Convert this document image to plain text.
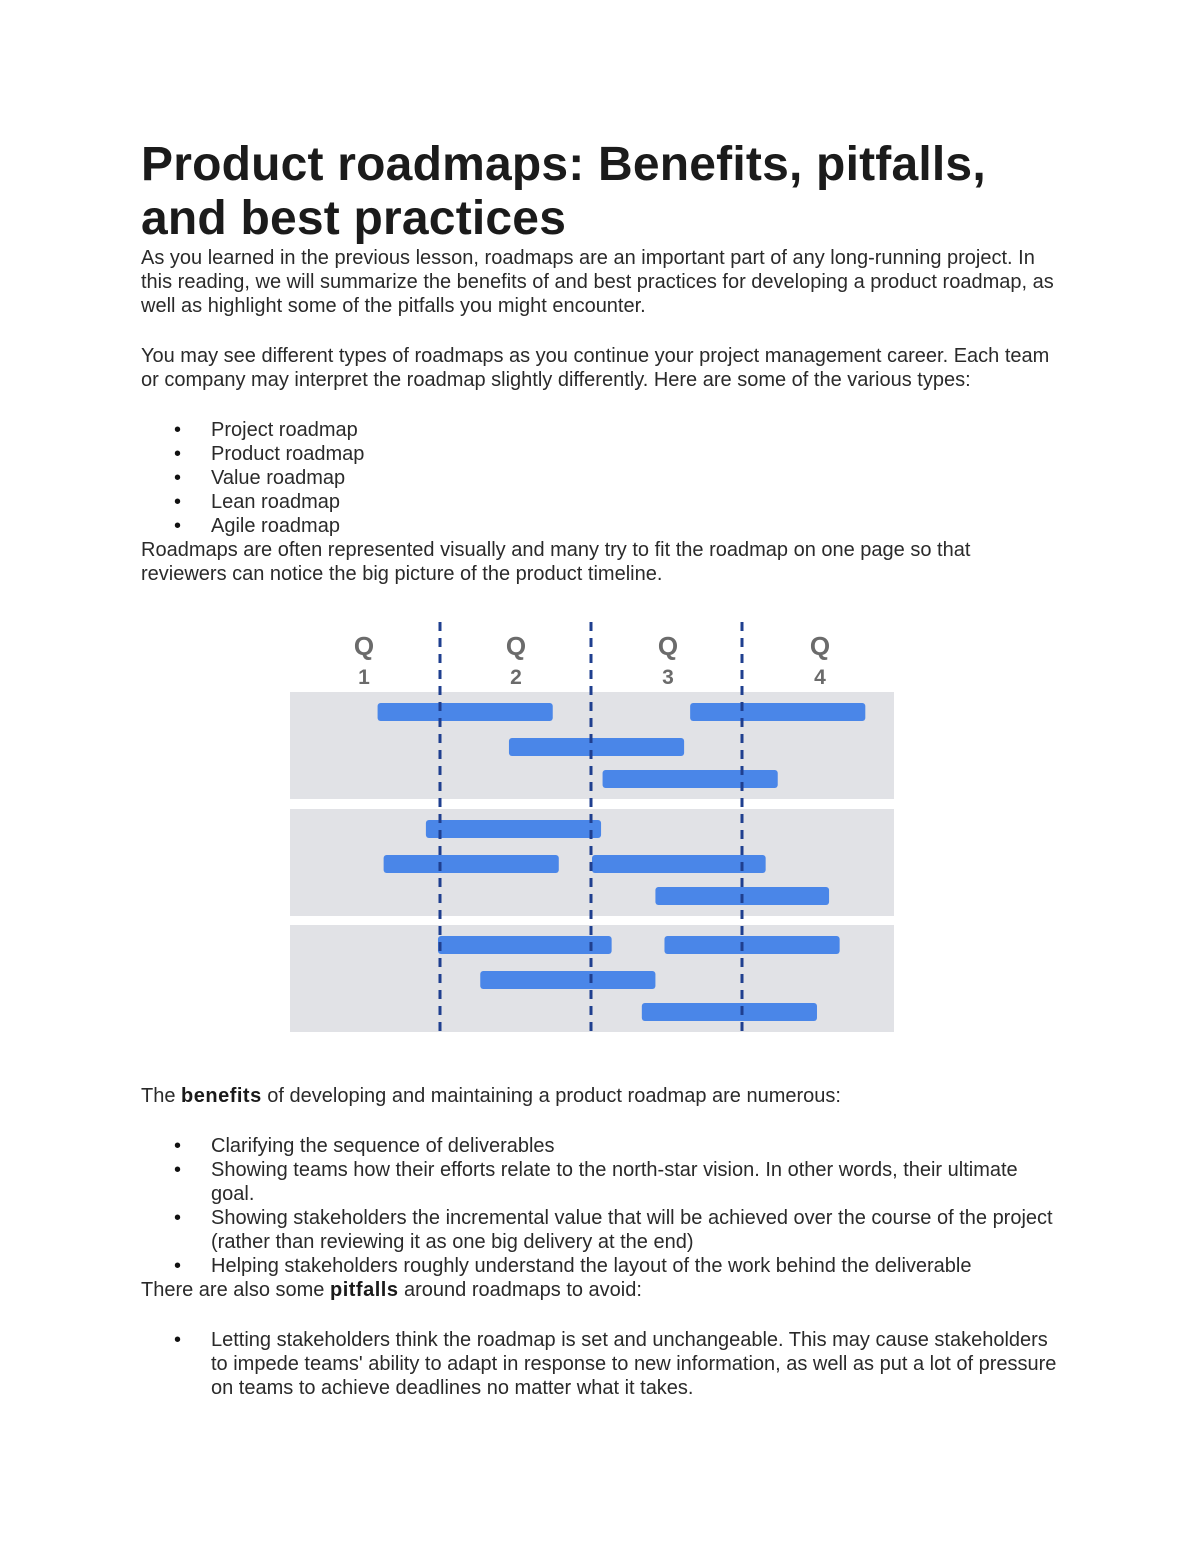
Product roadmaps: Benefits, pitfalls, and best practices

As you learned in the previous lesson, roadmaps are an important part of any long-running project. In this reading, we will summarize the benefits of and best practices for developing a product roadmap, as well as highlight some of the pitfalls you might encounter.

You may see different types of roadmaps as you continue your project management career. Each team or company may interpret the roadmap slightly differently. Here are some of the various types:

• Project roadmap
• Product roadmap
• Value roadmap
• Lean roadmap
• Agile roadmap

Roadmaps are often represented visually and many try to fit the roadmap on one page so that reviewers can notice the big picture of the product timeline.

Q
1
Q
2
Q
3
Q
4

The benefits of developing and maintaining a product roadmap are numerous:

• Clarifying the sequence of deliverables
• Showing teams how their efforts relate to the north-star vision. In other words, their ultimate goal.
• Showing stakeholders the incremental value that will be achieved over the course of the project (rather than reviewing it as one big delivery at the end)
• Helping stakeholders roughly understand the layout of the work behind the deliverable

There are also some pitfalls around roadmaps to avoid:

• Letting stakeholders think the roadmap is set and unchangeable. This may cause stakeholders to impede teams' ability to adapt in response to new information, as well as put a lot of pressure on teams to achieve deadlines no matter what it takes.
